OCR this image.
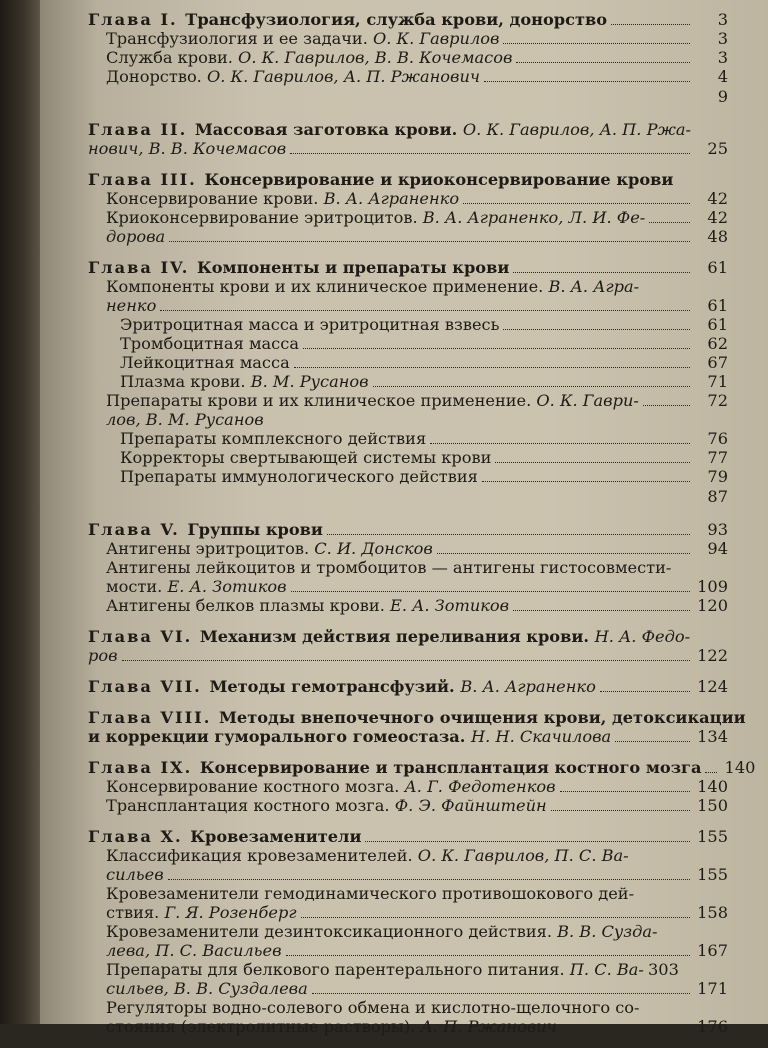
Глава I. Трансфузиология, служба крови, донорство	3
Трансфузиология и ее задачи. О. К. Гаврилов	3
Служба крови. О. К. Гаврилов, В. В. Кочемасов	3
Донорство. О. К. Гаврилов, А. П. Ржанович	4
9
Глава II. Массовая заготовка крови. О. К. Гаврилов, А. П. Ржа-
нович, В. В. Кочемасов	25
Глава III. Консервирование и криоконсервирование крови
Консервирование крови. В. А. Аграненко	42
Криоконсервирование эритроцитов. В. А. Аграненко, Л. И. Фе-	42
дорова	48
Глава IV. Компоненты и препараты крови	61
Компоненты крови и их клиническое применение. В. А. Агра-
ненко	61
Эритроцитная масса и эритроцитная взвесь	61
Тромбоцитная масса	62
Лейкоцитная масса	67
Плазма крови. В. М. Русанов	71
Препараты крови и их клиническое применение. О. К. Гаври-	72
лов, В. М. Русанов
Препараты комплексного действия	76
Корректоры свертывающей системы крови	77
Препараты иммунологического действия	79
87
Глава V. Группы крови	93
Антигены эритроцитов. С. И. Донсков	94
Антигены лейкоцитов и тромбоцитов — антигены гистосовмести-
мости. Е. А. Зотиков	109
Антигены белков плазмы крови. Е. А. Зотиков	120
Глава VI. Механизм действия переливания крови. Н. А. Федо-
ров	122
Глава VII. Методы гемотрансфузий. В. А. Аграненко	124
Глава VIII. Методы внепочечного очищения крови, детоксикации
и коррекции гуморального гомеостаза. Н. Н. Скачилова	134
Глава IX. Консервирование и трансплантация костного мозга 140
Консервирование костного мозга. А. Г. Федотенков	140
Трансплантация костного мозга. Ф. Э. Файнштейн	150
Глава X. Кровезаменители	155
Классификация кровезаменителей. О. К. Гаврилов, П. С. Ва-
сильев	155
Кровезаменители гемодинамического противошокового дей-
ствия. Г. Я. Розенберг	158
Кровезаменители дезинтоксикационного действия. В. В. Сузда-
лева, П. С. Васильев	167
Препараты для белкового парентерального питания. П. С. Ва-
сильев, В. В. Суздалева	171
Регуляторы водно-солевого обмена и кислотно-щелочного со-
стояния (электролитные растворы). А. П. Ржанович	176
303
